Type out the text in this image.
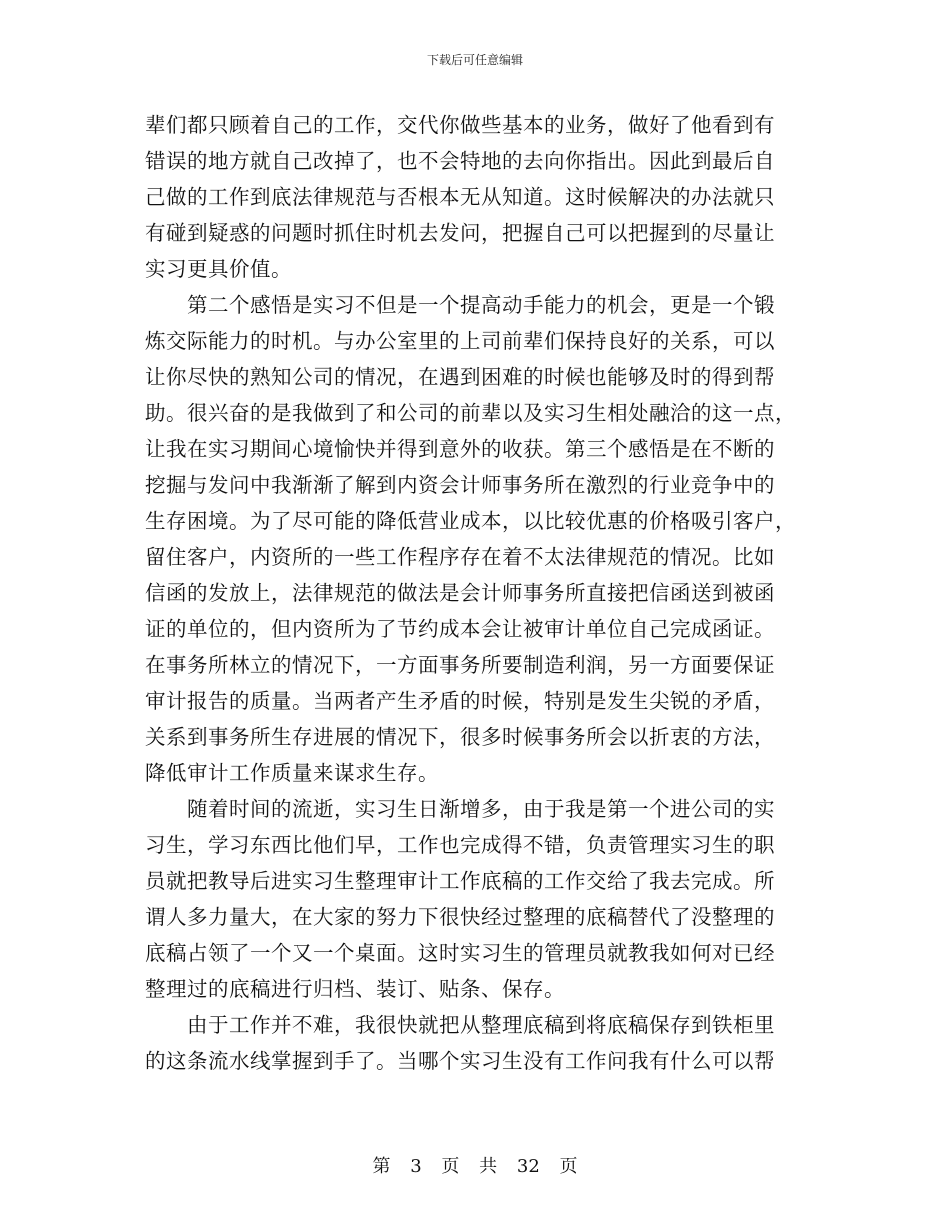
下载后可任意编辑
辈们都只顾着自己的工作，交代你做些基本的业务，做好了他看到有
错误的地方就自己改掉了，也不会特地的去向你指出。因此到最后自
己做的工作到底法律规范与否根本无从知道。这时候解决的办法就只
有碰到疑惑的问题时抓住时机去发问，把握自己可以把握到的尽量让
实习更具价值。
第二个感悟是实习不但是一个提高动手能力的机会，更是一个锻
炼交际能力的时机。与办公室里的上司前辈们保持良好的关系，可以
让你尽快的熟知公司的情况，在遇到困难的时候也能够及时的得到帮
助。很兴奋的是我做到了和公司的前辈以及实习生相处融洽的这一点，
让我在实习期间心境愉快并得到意外的收获。第三个感悟是在不断的
挖掘与发问中我渐渐了解到内资会计师事务所在激烈的行业竞争中的
生存困境。为了尽可能的降低营业成本，以比较优惠的价格吸引客户，
留住客户，内资所的一些工作程序存在着不太法律规范的情况。比如
信函的发放上，法律规范的做法是会计师事务所直接把信函送到被函
证的单位的，但内资所为了节约成本会让被审计单位自己完成函证。
在事务所林立的情况下，一方面事务所要制造利润，另一方面要保证
审计报告的质量。当两者产生矛盾的时候，特别是发生尖锐的矛盾，
关系到事务所生存进展的情况下，很多时候事务所会以折衷的方法，
降低审计工作质量来谋求生存。
随着时间的流逝，实习生日渐增多，由于我是第一个进公司的实
习生，学习东西比他们早，工作也完成得不错，负责管理实习生的职
员就把教导后进实习生整理审计工作底稿的工作交给了我去完成。所
谓人多力量大，在大家的努力下很快经过整理的底稿替代了没整理的
底稿占领了一个又一个桌面。这时实习生的管理员就教我如何对已经
整理过的底稿进行归档、装订、贴条、保存。
由于工作并不难，我很快就把从整理底稿到将底稿保存到铁柜里
的这条流水线掌握到手了。当哪个实习生没有工作问我有什么可以帮
第 3 页 共 32 页
